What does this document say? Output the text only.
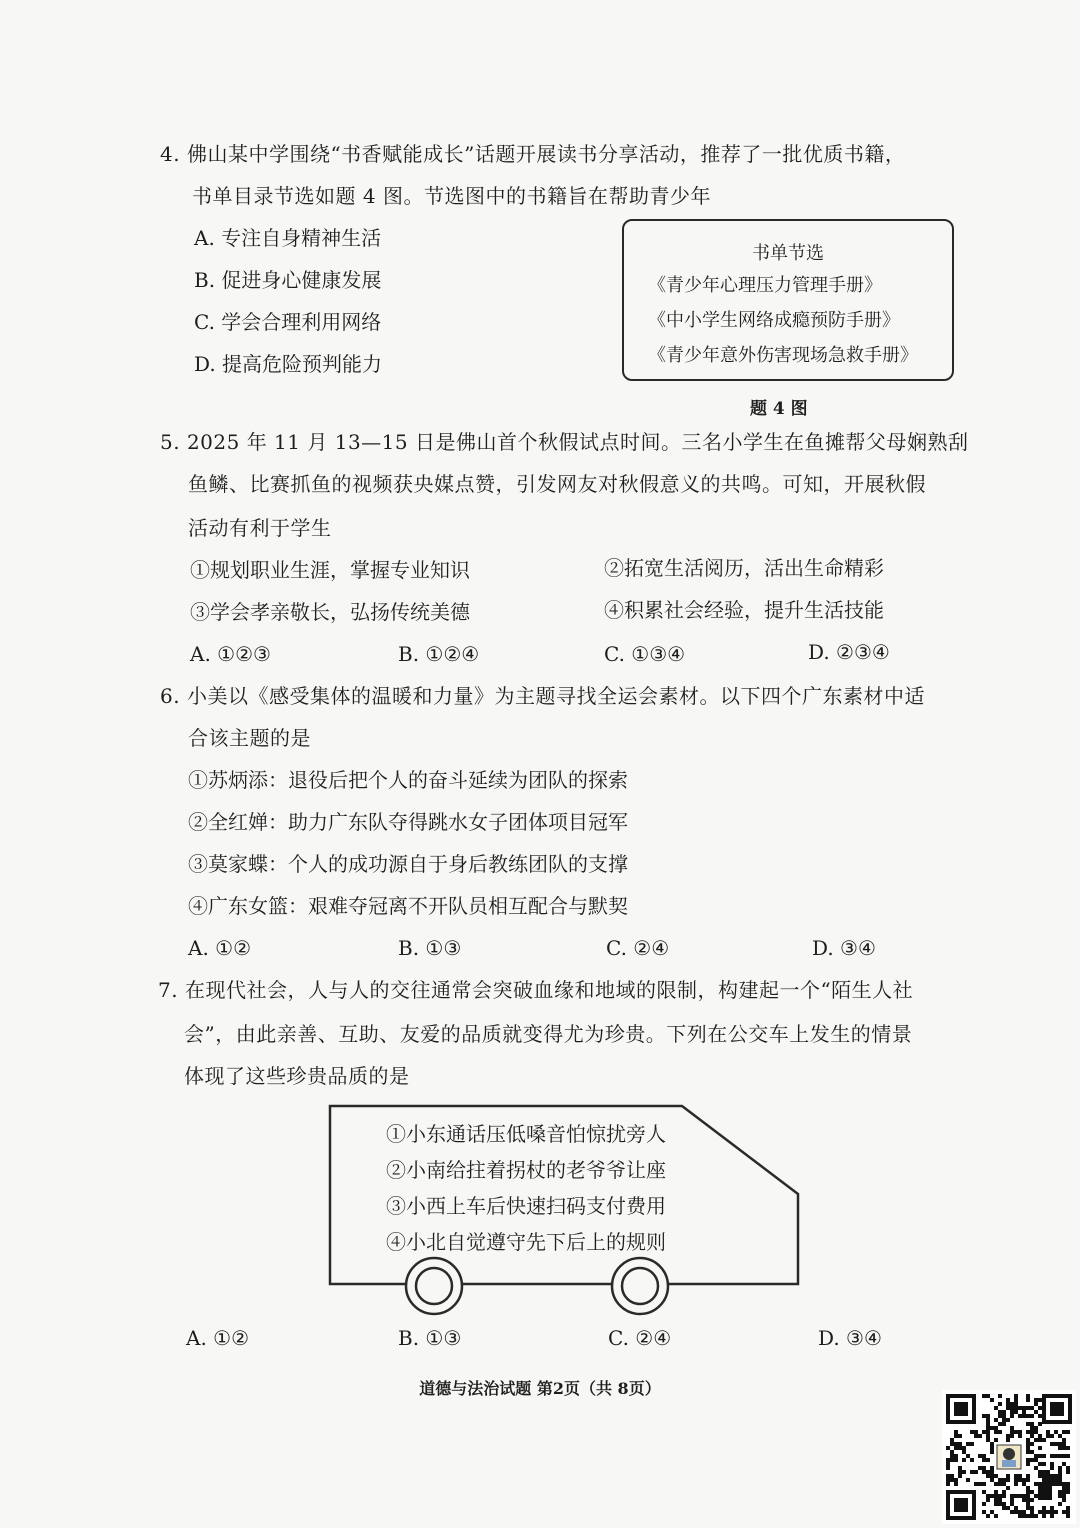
4. 佛山某中学围绕“书香赋能成长”话题开展读书分享活动，推荐了一批优质书籍，
书单目录节选如题 4 图。节选图中的书籍旨在帮助青少年
A. 专注自身精神生活
B. 促进身心健康发展
C. 学会合理利用网络
D. 提高危险预判能力
书单节选
《青少年心理压力管理手册》
《中小学生网络成瘾预防手册》
《青少年意外伤害现场急救手册》
题 4 图
5. 2025 年 11 月 13—15 日是佛山首个秋假试点时间。三名小学生在鱼摊帮父母娴熟刮
鱼鳞、比赛抓鱼的视频获央媒点赞，引发网友对秋假意义的共鸣。可知，开展秋假
活动有利于学生
①规划职业生涯，掌握专业知识	②拓宽生活阅历，活出生命精彩
③学会孝亲敬长，弘扬传统美德	④积累社会经验，提升生活技能
A. ①②③	B. ①②④	C. ①③④	D. ②③④
6. 小美以《感受集体的温暖和力量》为主题寻找全运会素材。以下四个广东素材中适
合该主题的是
①苏炳添：退役后把个人的奋斗延续为团队的探索
②全红婵：助力广东队夺得跳水女子团体项目冠军
③莫家蝶：个人的成功源自于身后教练团队的支撑
④广东女篮：艰难夺冠离不开队员相互配合与默契
A. ①②	B. ①③	C. ②④	D. ③④
7. 在现代社会，人与人的交往通常会突破血缘和地域的限制，构建起一个“陌生人社
会”，由此亲善、互助、友爱的品质就变得尤为珍贵。下列在公交车上发生的情景
体现了这些珍贵品质的是
①小东通话压低嗓音怕惊扰旁人
②小南给拄着拐杖的老爷爷让座
③小西上车后快速扫码支付费用
④小北自觉遵守先下后上的规则
A. ①②	B. ①③	C. ②④	D. ③④
道德与法治试题 第2页（共 8页）
